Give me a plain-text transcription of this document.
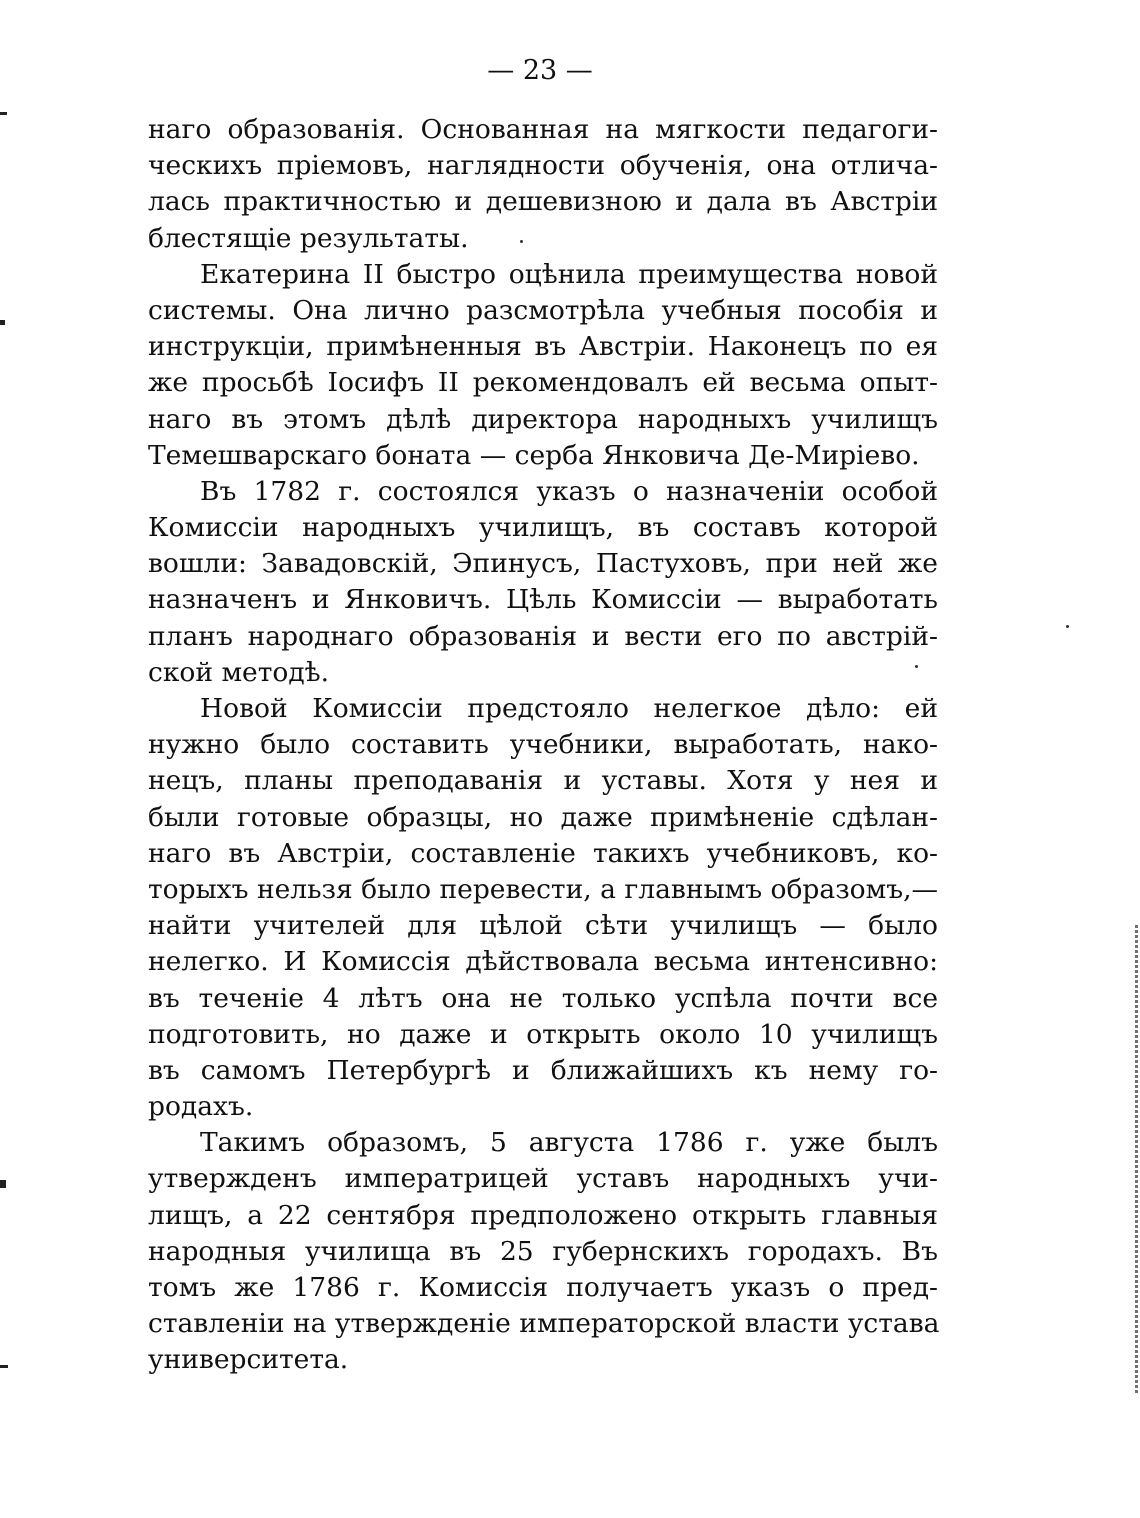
— 23 —
наго образованія. Основанная на мягкости педагоги-
ческихъ пріемовъ, наглядности обученія, она отлича-
лась практичностью и дешевизною и дала въ Австріи
блестящіе результаты.
Екатерина II быстро оцѣнила преимущества новой
системы. Она лично разсмотрѣла учебныя пособія и
инструкціи, примѣненныя въ Австріи. Наконецъ по ея
же просьбѣ Іосифъ II рекомендовалъ ей весьма опыт-
наго въ этомъ дѣлѣ директора народныхъ училищъ
Темешварскаго боната — серба Янковича Де-Миріево.
Въ 1782 г. состоялся указъ о назначеніи особой
Комиссіи народныхъ училищъ, въ составъ которой
вошли: Завадовскій, Эпинусъ, Пастуховъ, при ней же
назначенъ и Янковичъ. Цѣль Комиссіи — выработать
планъ народнаго образованія и вести его по австрій-
ской методѣ.
Новой Комиссіи предстояло нелегкое дѣло: ей
нужно было составить учебники, выработать, нако-
нецъ, планы преподаванія и уставы. Хотя у нея и
были готовые образцы, но даже примѣненіе сдѣлан-
наго въ Австріи, составленіе такихъ учебниковъ, ко-
торыхъ нельзя было перевести, а главнымъ образомъ,—
найти учителей для цѣлой сѣти училищъ — было
нелегко. И Комиссія дѣйствовала весьма интенсивно:
въ теченіе 4 лѣтъ она не только успѣла почти все
подготовить, но даже и открыть около 10 училищъ
въ самомъ Петербургѣ и ближайшихъ къ нему го-
родахъ.
Такимъ образомъ, 5 августа 1786 г. уже былъ
утвержденъ императрицей уставъ народныхъ учи-
лищъ, а 22 сентября предположено открыть главныя
народныя училища въ 25 губернскихъ городахъ. Въ
томъ же 1786 г. Комиссія получаетъ указъ о пред-
ставленіи на утвержденіе императорской власти устава
университета.
